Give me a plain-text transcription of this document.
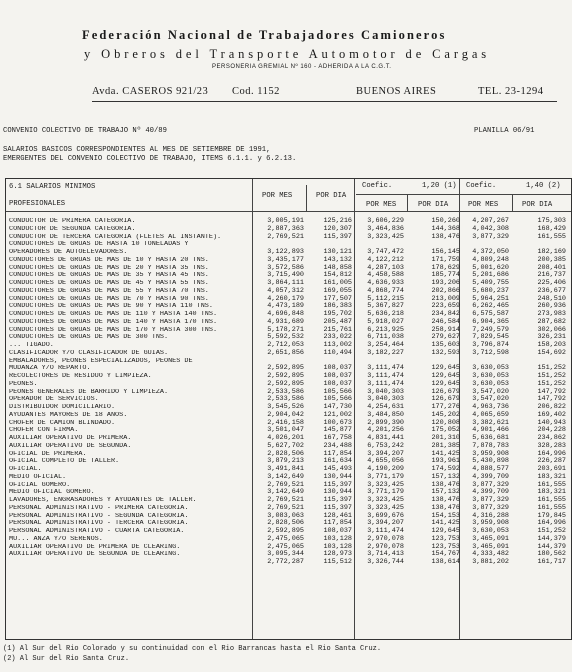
Federación Nacional de Trabajadores Camioneros
y Obreros del Transporte Automotor de Cargas
PERSONERIA GREMIAL Nº 160 - ADHERIDA A LA C.G.T.
Avda. CASEROS 921/23 Cod. 1152	BUENOS AIRES	TEL. 23-1294
CONVENIO COLECTIVO DE TRABAJO Nº 40/89	PLANILLA 06/91
SALARIOS BASICOS CORRESPONDIENTES AL MES DE SETIEMBRE DE 1991,
EMERGENTES DEL CONVENIO COLECTIVO DE TRABAJO, ITEMS 6.1.1. y 6.2.13.
6.1 SALARIOS MINIMOS
PROFESIONALES
Coefic.	1,20 (1) Coefic.	1,40 (2)
POR MES	POR DIA
POR MES	POR DIA	POR MES	POR DIA
CONDUCTOR DE PRIMERA CATEGORIA.	3,005,191	125,216	3,606,229	150,260	4,207,267	175,303
CONDUCTOR DE SEGUNDA CATEGORIA.	2,887,363	120,307	3,464,836	144,368	4,042,308	168,429
CONDUCTOR DE TERCERA CATEGORIA (FLETES AL INSTANTE).	2,769,521	115,397	3,323,425	138,476	3,877,329	161,555
CONDUCTORES DE GRUAS DE HASTA 10 TONELADAS Y
OPERADORES DE AUTOELEVADORES.	3,122,893	130,121	3,747,472	156,145	4,372,050	182,169
CONDUCTORES DE GRUAS DE MAS DE 10 Y HASTA 20 TNS.	3,435,177	143,132	4,122,212	171,759	4,809,248	200,385
CONDUCTORES DE GRUAS DE MAS DE 20 Y HASTA 35 TNS.	3,572,586	148,858	4,287,103	178,629	5,001,620	208,401
CONDUCTORES DE GRUAS DE MAS DE 35 Y HASTA 45 TNS.	3,715,490	154,812	4,458,588	185,774	5,201,686	216,737
CONDUCTORES DE GRUAS DE MAS DE 45 Y HASTA 55 TNS.	3,864,111	161,005	4,636,933	193,206	5,409,755	225,406
CONDUCTORES DE GRUAS DE MAS DE 55 Y HASTA 70 TNS.	4,057,312	169,055	4,868,774	202,866	5,680,237	236,677
CONDUCTORES DE GRUAS DE MAS DE 70 Y HASTA 90 TNS.	4,260,179	177,507	5,112,215	213,009	5,964,251	248,510
CONDUCTORES DE GRUAS DE MAS DE 90 Y HASTA 110 TNS.	4,473,189	186,383	5,367,827	223,659	6,262,465	260,936
CONDUCTORES DE GRUAS DE MAS DE 110 Y HASTA 140 TNS.	4,696,848	195,702	5,636,218	234,842	6,575,587	273,983
CONDUCTORES DE GRUAS DE MAS DE 140 Y HASTA 170 TNS.	4,931,689	205,487	5,918,027	246,584	6,904,365	287,682
CONDUCTORES DE GRUAS DE MAS DE 170 Y HASTA 300 TNS.	5,178,271	215,761	6,213,925	258,914	7,249,579	302,066
CONDUCTORES DE GRUAS DE MAS DE 300 TNS.	5,592,532	233,022	6,711,038	279,627	7,829,545	326,231
... TIGADO.	2,712,053	113,002	3,254,464	135,603	3,796,874	158,203
CLASIFICADOR Y/O CLASIFICADOR DE GUIAS.	2,651,856	110,494	3,182,227	132,593	3,712,598	154,692
EMBALADORES, PEONES ESPECIALIZADOS, PEONES DE
MUDANZA Y/O REPARTO.	2,592,895	108,037	3,111,474	129,645	3,630,053	151,252
RECOLECTORES DE RESIDUO Y LIMPIEZA.	2,592,895	108,037	3,111,474	129,645	3,630,053	151,252
PEONES.	2,592,895	108,037	3,111,474	129,645	3,630,053	151,252
PEONES GENERALES DE BARRIDO Y LIMPIEZA.	2,533,586	105,566	3,040,303	126,679	3,547,020	147,792
OPERADOR DE SERVICIOS.	2,533,586	105,566	3,040,303	126,679	3,547,020	147,792
DISTRIBUIDOR DOMICILIARIO.	3,545,526	147,730	4,254,631	177,276	4,963,736	206,822
AYUDANTES MAYORES DE 18 AÑOS.	2,904,042	121,002	3,484,850	145,202	4,065,659	169,402
CHOFER DE CAMION BLINDADO.	2,416,158	100,673	2,899,390	120,808	3,382,621	140,943
CHOFER CON FIRMA.	3,501,047	145,877	4,201,256	175,052	4,901,466	204,228
AUXILIAR OPERATIVO DE PRIMERA.	4,026,201	167,758	4,831,441	201,310	5,636,681	234,862
AUXILIAR OPERATIVO DE SEGUNDA.	5,627,702	234,488	6,753,242	281,385	7,878,783	328,283
OFICIAL DE PRIMERA.	2,828,506	117,854	3,394,207	141,425	3,959,908	164,996
OFICIAL COMPLETO DE TALLER.	3,879,213	161,634	4,655,056	193,961	5,430,898	226,287
OFICIAL.	3,491,841	145,493	4,190,209	174,592	4,888,577	203,691
MEDIO OFICIAL.	3,142,649	130,944	3,771,179	157,132	4,399,709	183,321
OFICIAL GOMERO.	2,769,521	115,397	3,323,425	138,476	3,877,329	161,555
MEDIO OFICIAL GOMERO.	3,142,649	130,944	3,771,179	157,132	4,399,709	183,321
LAVADORES, ENGRASADORES Y AYUDANTES DE TALLER.	2,769,521	115,397	3,323,425	138,476	3,877,329	161,555
PERSONAL ADMINISTRATIVO - PRIMERA CATEGORIA.	2,769,521	115,397	3,323,425	138,476	3,877,329	161,555
PERSONAL ADMINISTRATIVO - SEGUNDA CATEGORIA.	3,083,063	128,461	3,699,676	154,153	4,316,288	179,845
PERSONAL ADMINISTRATIVO - TERCERA CATEGORIA.	2,828,506	117,854	3,394,207	141,425	3,959,908	164,996
PERSONAL ADMINISTRATIVO - CUARTA CATEGORIA.	2,592,895	108,037	3,111,474	129,645	3,630,053	151,252
MU... ANZA Y/O SERENOS.	2,475,065	103,128	2,970,078	123,753	3,465,091	144,379
AUXILIAR OPERATIVO DE PRIMERA DE CLEARING.	2,475,065	103,128	2,970,078	123,753	3,465,091	144,379
AUXILIAR OPERATIVO DE SEGUNDA DE CLEARING.	3,095,344	128,973	3,714,413	154,767	4,333,482	180,562
2,772,287	115,512	3,326,744	138,614	3,881,202	161,717
(1) Al Sur del Rio Colorado y su continuidad con el Rio Barrancas hasta el Rio Santa Cruz.
(2) Al Sur del Rio Santa Cruz.
